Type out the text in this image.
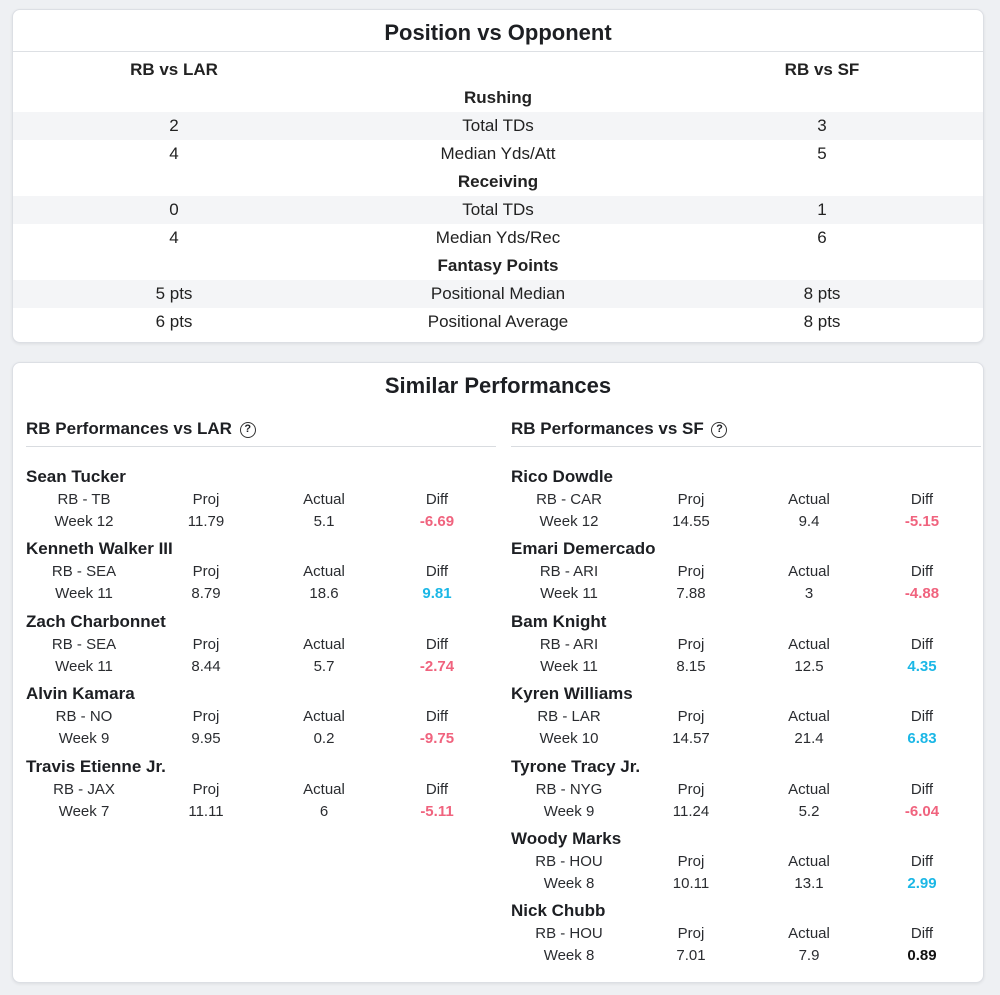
Position vs Opponent
RB vs LAR	RB vs SF
Rushing
2	Total TDs	3
4	Median Yds/Att	5
Receiving
0	Total TDs	1
4	Median Yds/Rec	6
Fantasy Points
5 pts	Positional Median	8 pts
6 pts	Positional Average	8 pts
Similar Performances
RB Performances vs LAR ?
Sean Tucker
RB - TB	Proj	Actual	Diff
Week 12	11.79	5.1	-6.69
Kenneth Walker III
RB - SEA	Proj	Actual	Diff
Week 11	8.79	18.6	9.81
Zach Charbonnet
RB - SEA	Proj	Actual	Diff
Week 11	8.44	5.7	-2.74
Alvin Kamara
RB - NO	Proj	Actual	Diff
Week 9	9.95	0.2	-9.75
Travis Etienne Jr.
RB - JAX	Proj	Actual	Diff
Week 7	11.11	6	-5.11
RB Performances vs SF ?
Rico Dowdle
RB - CAR	Proj	Actual	Diff
Week 12	14.55	9.4	-5.15
Emari Demercado
RB - ARI	Proj	Actual	Diff
Week 11	7.88	3	-4.88
Bam Knight
RB - ARI	Proj	Actual	Diff
Week 11	8.15	12.5	4.35
Kyren Williams
RB - LAR	Proj	Actual	Diff
Week 10	14.57	21.4	6.83
Tyrone Tracy Jr.
RB - NYG	Proj	Actual	Diff
Week 9	11.24	5.2	-6.04
Woody Marks
RB - HOU	Proj	Actual	Diff
Week 8	10.11	13.1	2.99
Nick Chubb
RB - HOU	Proj	Actual	Diff
Week 8	7.01	7.9	0.89
